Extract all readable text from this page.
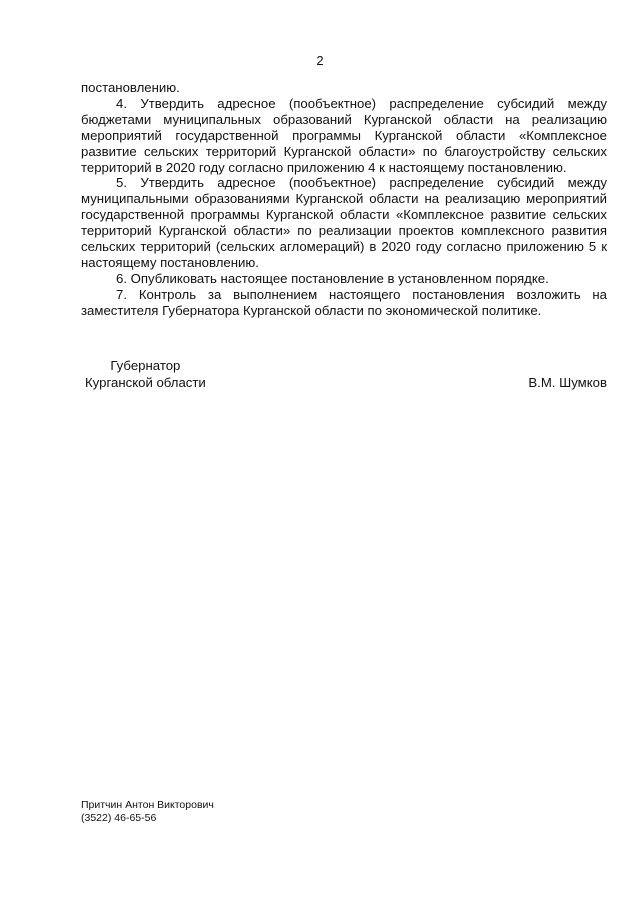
2

постановлению.

4. Утвердить адресное (пообъектное) распределение субсидий между бюджетами муниципальных образований Курганской области на реализацию мероприятий государственной программы Курганской области «Комплексное развитие сельских территорий Курганской области» по благоустройству сельских территорий в 2020 году согласно приложению 4 к настоящему постановлению.

5. Утвердить адресное (пообъектное) распределение субсидий между муниципальными образованиями Курганской области на реализацию мероприятий государственной программы Курганской области «Комплексное развитие сельских территорий Курганской области» по реализации проектов комплексного развития сельских территорий (сельских агломераций) в 2020 году согласно приложению 5 к настоящему постановлению.

6. Опубликовать настоящее постановление в установленном порядке.

7. Контроль за выполнением настоящего постановления возложить на заместителя Губернатора Курганской области по экономической политике.

Губернатор
Курганской области	В.М. Шумков
Притчин Антон Викторович
(3522) 46-65-56
